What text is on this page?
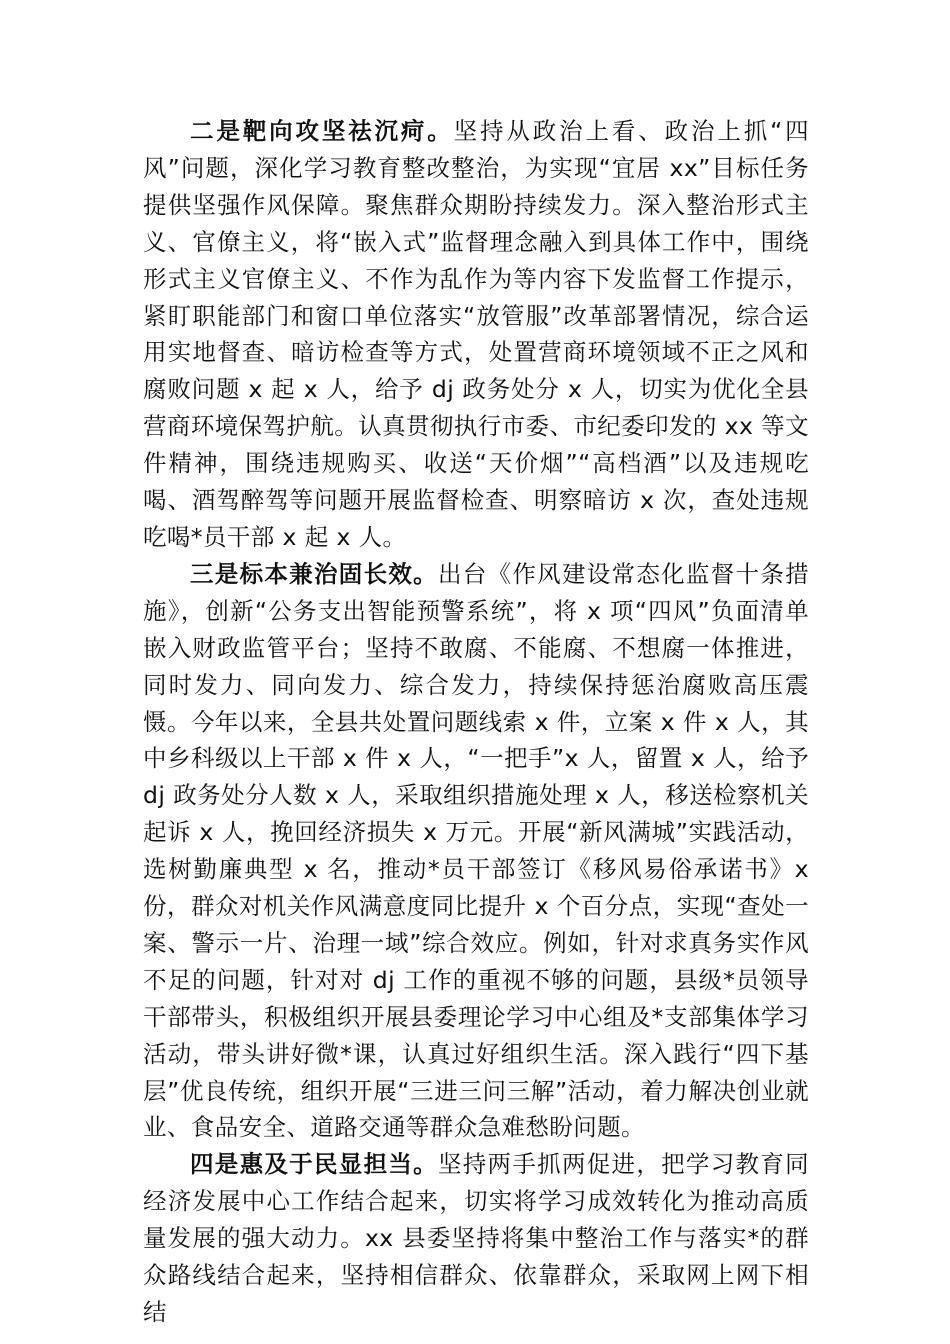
二是靶向攻坚祛沉疴。坚持从政治上看、政治上抓“四风”问题，深化学习教育整改整治，为实现“宜居 xx”目标任务提供坚强作风保障。聚焦群众期盼持续发力。深入整治形式主义、官僚主义，将“嵌入式”监督理念融入到具体工作中，围绕形式主义官僚主义、不作为乱作为等内容下发监督工作提示，紧盯职能部门和窗口单位落实“放管服”改革部署情况，综合运用实地督查、暗访检查等方式，处置营商环境领域不正之风和腐败问题 x 起 x 人，给予 dj 政务处分 x 人，切实为优化全县营商环境保驾护航。认真贯彻执行市委、市纪委印发的 xx 等文件精神，围绕违规购买、收送“天价烟”“高档酒”以及违规吃喝、酒驾醉驾等问题开展监督检查、明察暗访 x 次，查处违规吃喝*员干部 x 起 x 人。

三是标本兼治固长效。出台《作风建设常态化监督十条措施》，创新“公务支出智能预警系统”，将 x 项“四风”负面清单嵌入财政监管平台；坚持不敢腐、不能腐、不想腐一体推进，同时发力、同向发力、综合发力，持续保持惩治腐败高压震慑。今年以来，全县共处置问题线索 x 件，立案 x 件 x 人，其中乡科级以上干部 x 件 x 人，“一把手”x 人，留置 x 人，给予 dj 政务处分人数 x 人，采取组织措施处理 x 人，移送检察机关起诉 x 人，挽回经济损失 x 万元。开展“新风满城”实践活动，选树勤廉典型 x 名，推动*员干部签订《移风易俗承诺书》x 份，群众对机关作风满意度同比提升 x 个百分点，实现“查处一案、警示一片、治理一域”综合效应。例如，针对求真务实作风不足的问题，针对对 dj 工作的重视不够的问题，县级*员领导干部带头，积极组织开展县委理论学习中心组及*支部集体学习活动，带头讲好微*课，认真过好组织生活。深入践行“四下基层”优良传统，组织开展“三进三问三解”活动，着力解决创业就业、食品安全、道路交通等群众急难愁盼问题。

四是惠及于民显担当。坚持两手抓两促进，把学习教育同经济发展中心工作结合起来，切实将学习成效转化为推动高质量发展的强大动力。xx 县委坚持将集中整治工作与落实*的群众路线结合起来，坚持相信群众、依靠群众，采取网上网下相结
